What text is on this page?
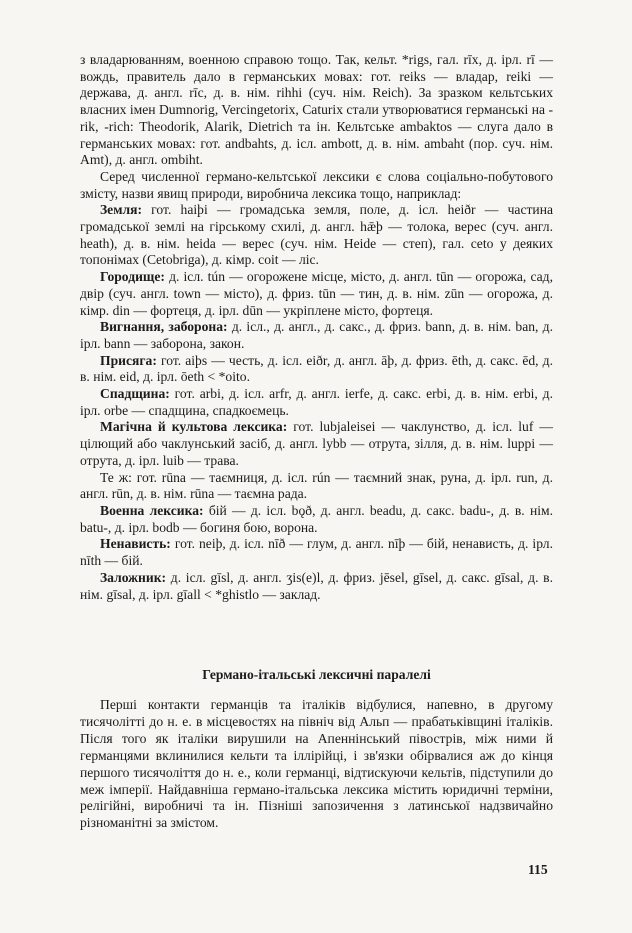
з владарюванням, военною справою тощо. Так, кельт. *rigs, гал. rīx, д. ірл. rī — вождь, правитель дало в германських мовах: гот. reiks — владар, reiki — держава, д. англ. rīc, д. в. нім. rihhi (суч. нім. Reich). За зразком кельтських власних імен Dumnorig, Vercingetorix, Caturix стали утворюватися германські на -rik, -rich: Theodorik, Alarik, Dietrich та ін. Кельтське ambaktos — слуга дало в германських мовах: гот. andbahts, д. ісл. ambott, д. в. нім. ambaht (пор. суч. нім. Amt), д. англ. ombiht.

Серед численної германо-кельтської лексики є слова соціально-побутового змісту, назви явищ природи, виробнича лексика тощо, наприклад:

Земля: гот. haiþi — громадська земля, поле, д. ісл. heiðr — частина громадської землі на гірському схилі, д. англ. hǣþ — толока, верес (суч. англ. heath), д. в. нім. heida — верес (суч. нім. Heide — степ), гал. ceto у деяких топонімах (Cetobriga), д. кімр. coit — ліс.

Городище: д. ісл. tún — огорожене місце, місто, д. англ. tūn — огорожа, сад, двір (суч. англ. town — місто), д. фриз. tūn — тин, д. в. нім. zūn — огорожа, д. кімр. din — фортеця, д. ірл. dūn — укріплене місто, фортеця.

Вигнання, заборона: д. ісл., д. англ., д. сакс., д. фриз. bann, д. в. нім. ban, д. ірл. bann — заборона, закон.

Присяга: гот. aiþs — честь, д. ісл. eiðr, д. англ. āþ, д. фриз. ēth, д. сакс. ēd, д. в. нім. eid, д. ірл. ōeth < *oito.

Спадщина: гот. arbi, д. ісл. arfr, д. англ. ierfe, д. сакс. erbi, д. в. нім. erbi, д. ірл. orbe — спадщина, спадкоємець.

Магічна й культова лексика: гот. lubjaleisei — чаклунство, д. ісл. luf — цілющий або чаклунський засіб, д. англ. lybb — отрута, зілля, д. в. нім. luppi — отрута, д. ірл. luib — трава.

Те ж: гот. rūna — таємниця, д. ісл. rún — таємний знак, руна, д. ірл. run, д. англ. rūn, д. в. нім. rūna — таємна рада.

Военна лексика: бій — д. ісл. bǫð, д. англ. beadu, д. сакс. badu-, д. в. нім. batu-, д. ірл. bodb — богиня бою, ворона.

Ненависть: гот. neiþ, д. ісл. nīð — глум, д. англ. nīþ — бій, ненависть, д. ірл. nīth — бій.

Заложник: д. ісл. gīsl, д. англ. ʒis(e)l, д. фриз. jēsel, gīsel, д. сакс. gīsal, д. в. нім. gīsal, д. ірл. gīall < *ghistlo — заклад.

Германо-італьські лексичні паралелі

Перші контакти германців та італіків відбулися, напевно, в другому тисячолітті до н. е. в місцевостях на північ від Альп — прабатьківщині італіків. Після того як італіки вирушили на Апеннінський півострів, між ними й германцями вклинилися кельти та іллірійці, і зв'язки обірвалися аж до кінця першого тисячоліття до н. е., коли германці, відтискуючи кельтів, підступили до меж імперії. Найдавніша германо-італьська лексика містить юридичні терміни, релігійні, виробничі та ін. Пізніші запозичення з латинської надзвичайно різноманітні за змістом.

115
